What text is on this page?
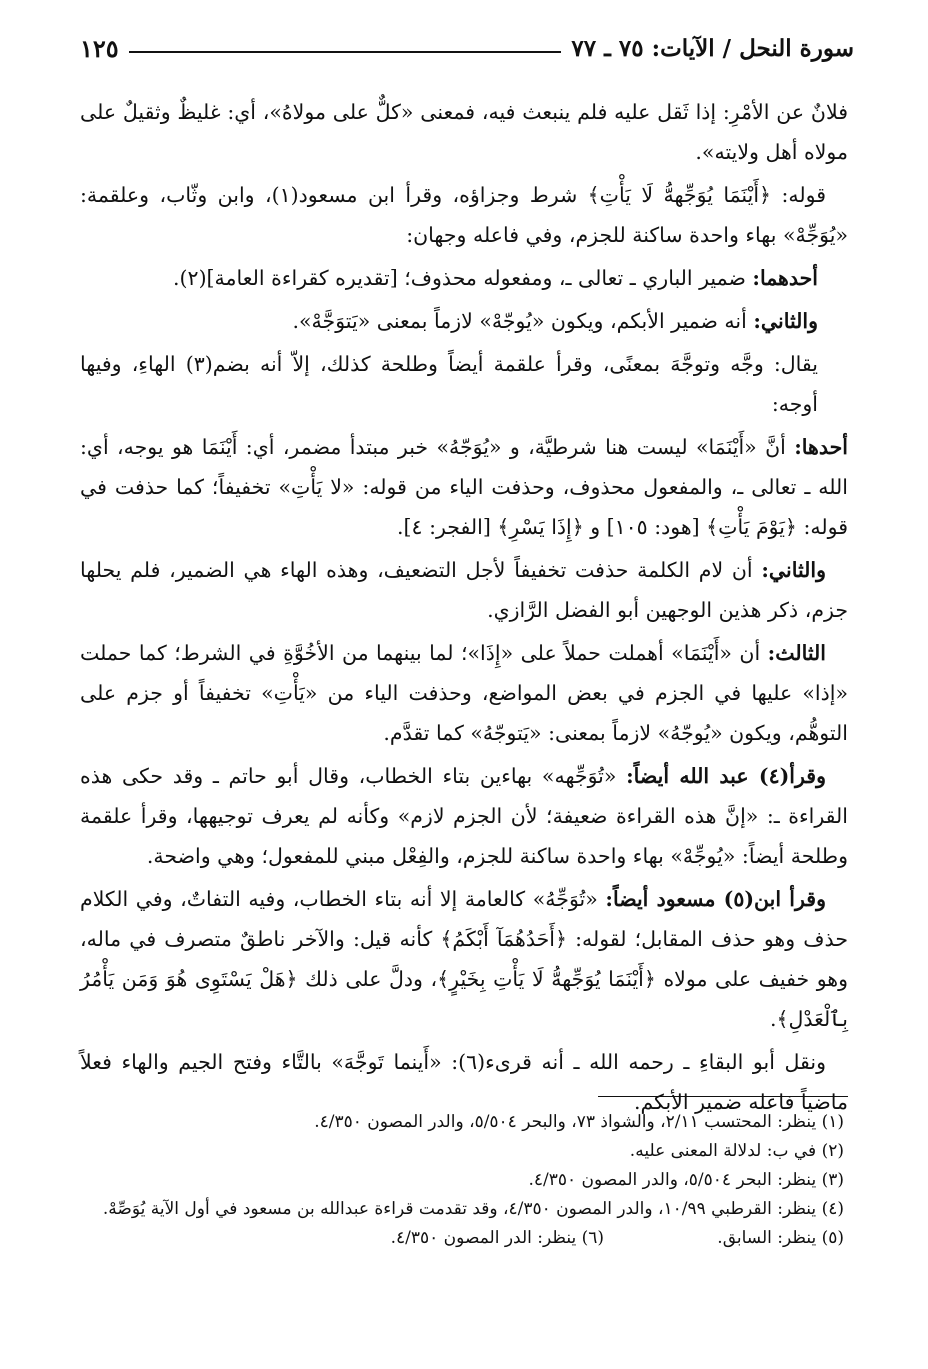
سورة النحل / الآيات: ٧٥ ـ ٧٧
١٢٥

فلانٌ عن الأمْرِ: إذا ثَقل عليه فلم ينبعث فيه، فمعنى «كلٌّ على مولاهُ»، أي: غليظٌ وثقيلٌ على مولاه أهل ولايته».

قوله: ﴿أَيْنَمَا يُوَجِّههُّ لَا يَأْتِ﴾ شرط وجزاؤه، وقرأ ابن مسعود(١)، وابن وثّاب، وعلقمة: «يُوَجِّهْ» بهاء واحدة ساكنة للجزم، وفي فاعله وجهان:

أحدهما: ضمير الباري ـ تعالى ـ، ومفعوله محذوف؛ [تقديره كقراءة العامة](٢).

والثاني: أنه ضمير الأبكم، ويكون «يُوجّهْ» لازماً بمعنى «يَتوَجَّهْ».

يقال: وجَّه وتوجَّهَ بمعنًى، وقرأ علقمة أيضاً وطلحة كذلك، إلاّ أنه بضم(٣) الهاءِ، وفيها أوجه:

أحدها: أنَّ «أَيْنَمَا» ليست هنا شرطيَّة، و «يُوَجّهُ» خبر مبتدأ مضمر، أي: أَيْنَمَا هو يوجه، أي: الله ـ تعالى ـ، والمفعول محذوف، وحذفت الياء من قوله: «لا يَأْتِ» تخفيفاً؛ كما حذفت في قوله: ﴿يَوْمَ يَأْتِ﴾ [هود: ١٠٥] و ﴿إِذَا يَسْرِ﴾ [الفجر: ٤].

والثاني: أن لام الكلمة حذفت تخفيفاً لأجل التضعيف، وهذه الهاء هي الضمير، فلم يحلها جزم، ذكر هذين الوجهين أبو الفضل الرَّازي.

الثالث: أن «أَيْنَمَا» أهملت حملاً على «إِذَا»؛ لما بينهما من الأخُوَّةِ في الشرط؛ كما حملت «إذا» عليها في الجزم في بعض المواضع، وحذفت الياء من «يَأْتِ» تخفيفاً أو جزم على التوهُّم، ويكون «يُوجّهُ» لازماً بمعنى: «يَتوجّهُ» كما تقدَّم.

وقرأ(٤) عبد الله أيضاً: «تُوَجِّهه» بهاءين بتاء الخطاب، وقال أبو حاتم ـ وقد حكى هذه القراءة ـ: «إنَّ هذه القراءة ضعيفة؛ لأن الجزم لازم» وكأنه لم يعرف توجيهها، وقرأ علقمة وطلحة أيضاً: «يُوجِّهْ» بهاء واحدة ساكنة للجزم، والفِعْل مبني للمفعول؛ وهي واضحة.

وقرأ ابن(٥) مسعود أيضاً: «تُوَجِّهُ» كالعامة إلا أنه بتاء الخطاب، وفيه التفاتٌ، وفي الكلام حذف وهو حذف المقابل؛ لقوله: ﴿أَحَدُهُمَآ أَبْكَمُ﴾ كأنه قيل: والآخر ناطقٌ متصرف في ماله، وهو خفيف على مولاه ﴿أَيْنَمَا يُوَجِّههُّ لَا يَأْتِ بِخَيْرٍ﴾، ودلَّ على ذلك ﴿هَلْ يَسْتَوِى هُوَ وَمَن يَأْمُرُ بِٱلْعَدْلِ﴾.

ونقل أبو البقاءِ ـ رحمه الله ـ أنه قرىء(٦): «أَينما تَوجَّهَ» بالتَّاء وفتح الجيم والهاء فعلاً ماضياً فاعله ضمير الأبكم.

(١) ينظر: المحتسب ٢/١١، والشواذ ٧٣، والبحر ٥/٥٠٤، والدر المصون ٤/٣٥٠.

(٢) في ب: لدلالة المعنى عليه.

(٣) ينظر: البحر ٥/٥٠٤، والدر المصون ٤/٣٥٠.

(٤) ينظر: القرطبي ١٠/٩٩، والدر المصون ٤/٣٥٠، وقد تقدمت قراءة عبدالله بن مسعود في أول الآية يُوَصِّهْ.

(٥) ينظر: السابق.
(٦) ينظر: الدر المصون ٤/٣٥٠.
